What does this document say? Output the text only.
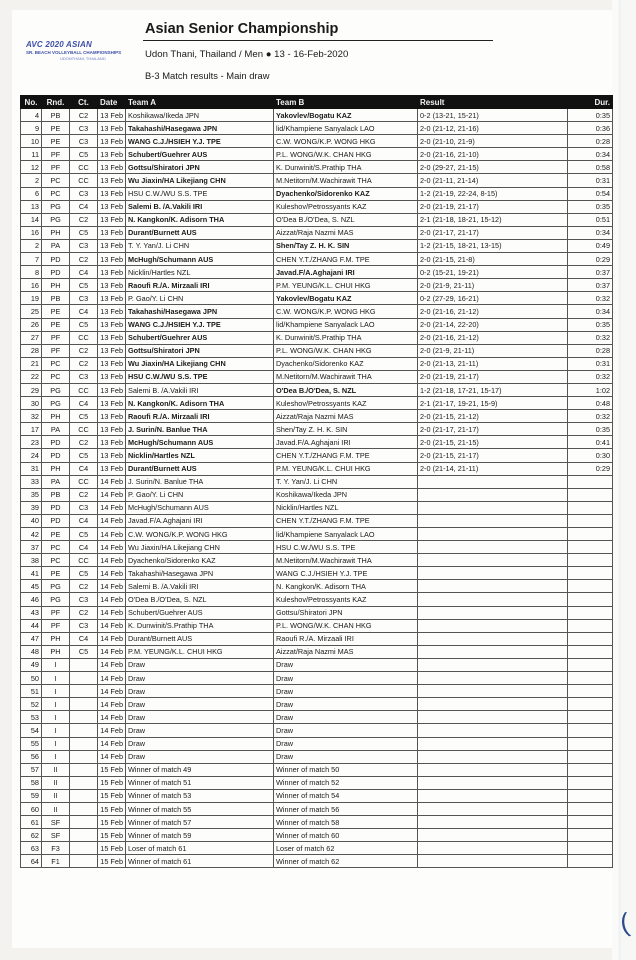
(
AVC 2020 ASIAN
SR. BEACH VOLLEYBALL CHAMPIONSHIPS
UDONTHANI, THAILAND
Asian Senior Championship
Udon Thani, Thailand / Men ● 13 - 16-Feb-2020
B-3 Match results - Main draw
No.	Rnd.	Ct.	Date	Team A	Team B	Result	Dur.
4	PB	C2	13 Feb	Koshikawa/Ikeda JPN	Yakovlev/Bogatu KAZ	0-2 (13-21, 15-21)	0:35
9	PE	C3	13 Feb	Takahashi/Hasegawa JPN	lid/Khampiene Sanyalack LAO	2-0 (21-12, 21-16)	0:36
10	PE	C3	13 Feb	WANG C.J./HSIEH Y.J. TPE	C.W. WONG/K.P. WONG HKG	2-0 (21-10, 21-9)	0:28
11	PF	C5	13 Feb	Schubert/Guehrer AUS	P.L. WONG/W.K. CHAN HKG	2-0 (21-16, 21-10)	0:34
12	PF	CC	13 Feb	Gottsu/Shiratori JPN	K. Dunwinit/S.Prathip THA	2-0 (29-27, 21-15)	0:58
2	PC	CC	13 Feb	Wu Jiaxin/HA Likejiang CHN	M.Netitorn/M.Wachirawit THA	2-0 (21-11, 21-14)	0:31
6	PC	C3	13 Feb	HSU C.W./WU S.S. TPE	Dyachenko/Sidorenko KAZ	1-2 (21-19, 22-24, 8-15)	0:54
13	PG	C4	13 Feb	Salemi B. /A.Vakili IRI	Kuleshov/Petrossyants KAZ	2-0 (21-19, 21-17)	0:35
14	PG	C2	13 Feb	N. Kangkon/K. Adisorn THA	O'Dea B./O'Dea, S. NZL	2-1 (21-18, 18-21, 15-12)	0:51
16	PH	C5	13 Feb	Durant/Burnett AUS	Aizzat/Raja Nazmi MAS	2-0 (21-17, 21-17)	0:34
2	PA	C3	13 Feb	T. Y. Yan/J. Li CHN	Shen/Tay Z. H. K. SIN	1-2 (21-15, 18-21, 13-15)	0:49
7	PD	C2	13 Feb	McHugh/Schumann AUS	CHEN Y.T./ZHANG F.M. TPE	2-0 (21-15, 21-8)	0:29
8	PD	C4	13 Feb	Nicklin/Hartles NZL	Javad.F/A.Aghajani IRI	0-2 (15-21, 19-21)	0:37
16	PH	C5	13 Feb	Raoufi R./A. Mirzaali IRI	P.M. YEUNG/K.L. CHUI HKG	2-0 (21-9, 21-11)	0:37
19	PB	C3	13 Feb	P. Gao/Y. Li CHN	Yakovlev/Bogatu KAZ	0-2 (27-29, 16-21)	0:32
25	PE	C4	13 Feb	Takahashi/Hasegawa JPN	C.W. WONG/K.P. WONG HKG	2-0 (21-16, 21-12)	0:34
26	PE	C5	13 Feb	WANG C.J./HSIEH Y.J. TPE	lid/Khampiene Sanyalack LAO	2-0 (21-14, 22-20)	0:35
27	PF	CC	13 Feb	Schubert/Guehrer AUS	K. Dunwinit/S.Prathip THA	2-0 (21-16, 21-12)	0:32
28	PF	C2	13 Feb	Gottsu/Shiratori JPN	P.L. WONG/W.K. CHAN HKG	2-0 (21-9, 21-11)	0:28
21	PC	C2	13 Feb	Wu Jiaxin/HA Likejiang CHN	Dyachenko/Sidorenko KAZ	2-0 (21-13, 21-11)	0:31
22	PC	C3	13 Feb	HSU C.W./WU S.S. TPE	M.Netitorn/M.Wachirawit THA	2-0 (21-19, 21-17)	0:32
29	PG	CC	13 Feb	Salemi B. /A.Vakili IRI	O'Dea B./O'Dea, S. NZL	1-2 (21-18, 17-21, 15-17)	1:02
30	PG	C4	13 Feb	N. Kangkon/K. Adisorn THA	Kuleshov/Petrossyants KAZ	2-1 (21-17, 19-21, 15-9)	0:48
32	PH	C5	13 Feb	Raoufi R./A. Mirzaali IRI	Aizzat/Raja Nazmi MAS	2-0 (21-15, 21-12)	0:32
17	PA	CC	13 Feb	J. Surin/N. Banlue THA	Shen/Tay Z. H. K. SIN	2-0 (21-17, 21-17)	0:35
23	PD	C2	13 Feb	McHugh/Schumann AUS	Javad.F/A.Aghajani IRI	2-0 (21-15, 21-15)	0:41
24	PD	C5	13 Feb	Nicklin/Hartles NZL	CHEN Y.T./ZHANG F.M. TPE	2-0 (21-15, 21-17)	0:30
31	PH	C4	13 Feb	Durant/Burnett AUS	P.M. YEUNG/K.L. CHUI HKG	2-0 (21-14, 21-11)	0:29
33	PA	CC	14 Feb	J. Surin/N. Banlue THA	T. Y. Yan/J. Li CHN		
35	PB	C2	14 Feb	P. Gao/Y. Li CHN	Koshikawa/Ikeda JPN		
39	PD	C3	14 Feb	McHugh/Schumann AUS	Nicklin/Hartles NZL		
40	PD	C4	14 Feb	Javad.F/A.Aghajani IRI	CHEN Y.T./ZHANG F.M. TPE		
42	PE	C5	14 Feb	C.W. WONG/K.P. WONG HKG	lid/Khampiene Sanyalack LAO		
37	PC	C4	14 Feb	Wu Jiaxin/HA Likejiang CHN	HSU C.W./WU S.S. TPE		
38	PC	CC	14 Feb	Dyachenko/Sidorenko KAZ	M.Netitorn/M.Wachirawit THA		
41	PE	C5	14 Feb	Takahashi/Hasegawa JPN	WANG C.J./HSIEH Y.J. TPE		
45	PG	C2	14 Feb	Salemi B. /A.Vakili IRI	N. Kangkon/K. Adisorn THA		
46	PG	C3	14 Feb	O'Dea B./O'Dea, S. NZL	Kuleshov/Petrossyants KAZ		
43	PF	C2	14 Feb	Schubert/Guehrer AUS	Gottsu/Shiratori JPN		
44	PF	C3	14 Feb	K. Dunwinit/S.Prathip THA	P.L. WONG/W.K. CHAN HKG		
47	PH	C4	14 Feb	Durant/Burnett AUS	Raoufi R./A. Mirzaali IRI		
48	PH	C5	14 Feb	P.M. YEUNG/K.L. CHUI HKG	Aizzat/Raja Nazmi MAS		
49	I		14 Feb	Draw	Draw		
50	I		14 Feb	Draw	Draw		
51	I		14 Feb	Draw	Draw		
52	I		14 Feb	Draw	Draw		
53	I		14 Feb	Draw	Draw		
54	I		14 Feb	Draw	Draw		
55	I		14 Feb	Draw	Draw		
56	I		14 Feb	Draw	Draw		
57	II		15 Feb	Winner of match 49	Winner of match 50		
58	II		15 Feb	Winner of match 51	Winner of match 52		
59	II		15 Feb	Winner of match 53	Winner of match 54		
60	II		15 Feb	Winner of match 55	Winner of match 56		
61	SF		15 Feb	Winner of match 57	Winner of match 58		
62	SF		15 Feb	Winner of match 59	Winner of match 60		
63	F3		15 Feb	Loser of match 61	Loser of match 62		
64	F1		15 Feb	Winner of match 61	Winner of match 62		
